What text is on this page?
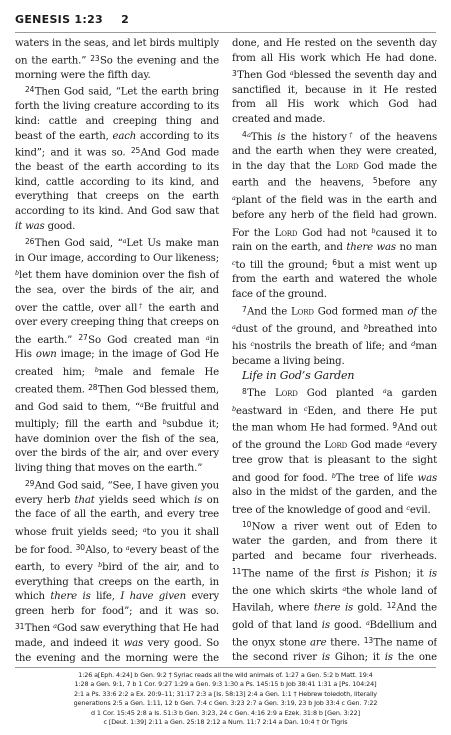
GENESIS 1:23 2

waters in the seas, and let birds multiply on the earth.” $^{23}$So the evening and the morning were the fifth day.

$^{24}$Then God said, “Let the earth bring forth the living creature according to its kind: cattle and creeping thing and beast of the earth, each according to its kind”; and it was so. $^{25}$And God made the beast of the earth according to its kind, cattle according to its kind, and everything that creeps on the earth according to its kind. And God saw that it was good.

$^{26}$Then God said, “$^a$Let Us make man in Our image, according to Our likeness; $^b$let them have dominion over the fish of the sea, over the birds of the air, and over the cattle, over all† the earth and over every creeping thing that creeps on the earth.” $^{27}$So God created man $^a$in His own image; in the image of God He created him; $^b$male and female He created them. $^{28}$Then God blessed them, and God said to them, “$^a$Be fruitful and multiply; fill the earth and $^b$subdue it; have dominion over the fish of the sea, over the birds of the air, and over every living thing that moves on the earth.”

$^{29}$And God said, “See, I have given you every herb that yields seed which is on the face of all the earth, and every tree whose fruit yields seed; $^a$to you it shall be for food. $^{30}$Also, to $^a$every beast of the earth, to every $^b$bird of the air, and to everything that creeps on the earth, in which there is life, I have given every green herb for food”; and it was so. $^{31}$Then $^a$God saw everything that He had made, and indeed it was very good. So the evening and the morning were the

done, and He rested on the seventh day from all His work which He had done. $^3$Then God $^a$blessed the seventh day and sanctified it, because in it He rested from all His work which God had created and made.

$^{4a}$This is the history† of the heavens and the earth when they were created, in the day that the Lord God made the earth and the heavens, $^5$before any $^a$plant of the field was in the earth and before any herb of the field had grown. For the Lord God had not $^b$caused it to rain on the earth, and there was no man $^c$to till the ground; $^6$but a mist went up from the earth and watered the whole face of the ground.

$^7$And the Lord God formed man of the $^a$dust of the ground, and $^b$breathed into his $^c$nostrils the breath of life; and $^d$man became a living being.

Life in God’s Garden

$^8$The Lord God planted $^a$a garden $^b$eastward in $^c$Eden, and there He put the man whom He had formed. $^9$And out of the ground the Lord God made $^a$every tree grow that is pleasant to the sight and good for food. $^b$The tree of life was also in the midst of the garden, and the tree of the knowledge of good and $^c$evil.

$^{10}$Now a river went out of Eden to water the garden, and from there it parted and became four riverheads. $^{11}$The name of the first is Pishon; it is the one which skirts $^a$the whole land of Havilah, where there is gold. $^{12}$And the gold of that land is good. $^a$Bdellium and the onyx stone are there. $^{13}$The name of the second river is Gihon; it is the one

1:26 a[Eph. 4:24] b Gen. 9:2 † Syriac reads all the wild animals of. 1:27 a Gen. 5:2 b Matt. 19:4
1:28 a Gen. 9:1, 7 b 1 Cor. 9:27 1:29 a Gen. 9:3 1:30 a Ps. 145:15 b Job 38:41 1:31 a [Ps. 104:24]
2:1 a Ps. 33:6 2:2 a Ex. 20:9–11; 31:17 2:3 a [Is. 58:13] 2:4 a Gen. 1:1 † Hebrew toledoth, literally
generations 2:5 a Gen. 1:11, 12 b Gen. 7:4 c Gen. 3:23 2:7 a Gen. 3:19, 23 b Job 33:4 c Gen. 7:22
d 1 Cor. 15:45 2:8 a Is. 51:3 b Gen. 3:23, 24 c Gen. 4:16 2:9 a Ezek. 31:8 b [Gen. 3:22]
c [Deut. 1:39] 2:11 a Gen. 25:18 2:12 a Num. 11:7 2:14 a Dan. 10:4 † Or Tigris
